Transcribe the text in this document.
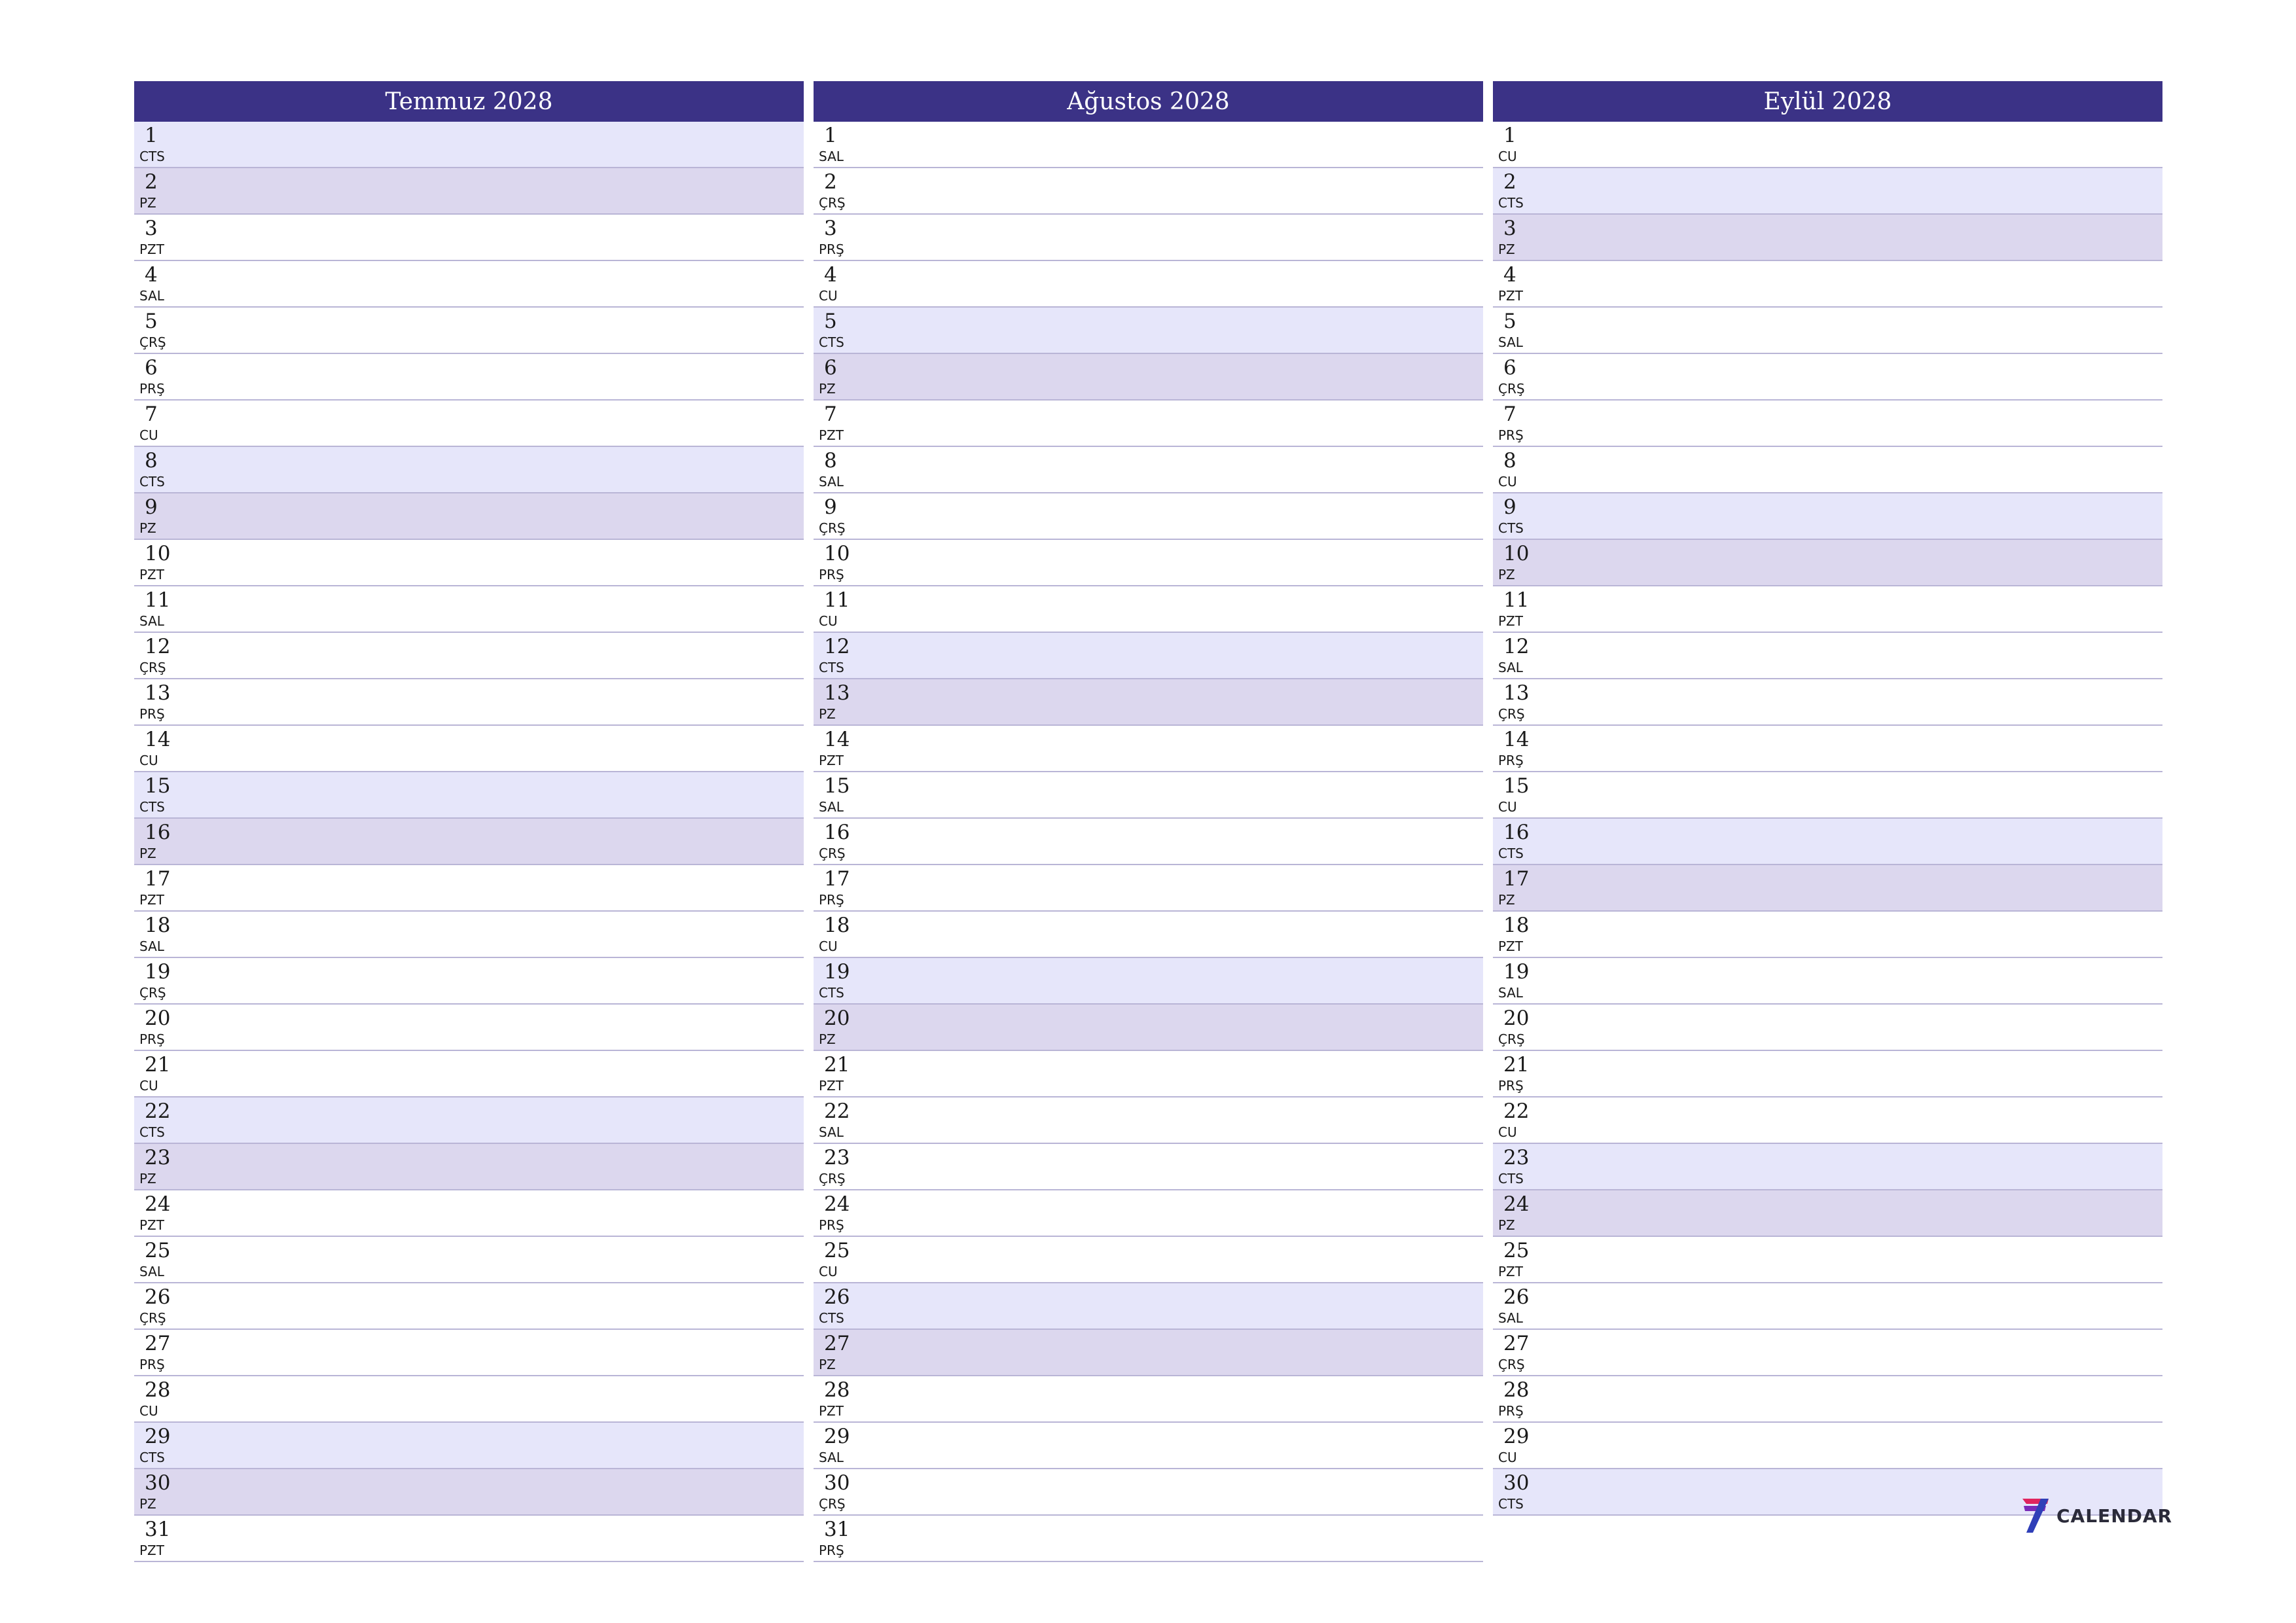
Temmuz 2028
1
CTS
2
PZ
3
PZT
4
SAL
5
ÇRŞ
6
PRŞ
7
CU
8
CTS
9
PZ
10
PZT
11
SAL
12
ÇRŞ
13
PRŞ
14
CU
15
CTS
16
PZ
17
PZT
18
SAL
19
ÇRŞ
20
PRŞ
21
CU
22
CTS
23
PZ
24
PZT
25
SAL
26
ÇRŞ
27
PRŞ
28
CU
29
CTS
30
PZ
31
PZT
Ağustos 2028
1
SAL
2
ÇRŞ
3
PRŞ
4
CU
5
CTS
6
PZ
7
PZT
8
SAL
9
ÇRŞ
10
PRŞ
11
CU
12
CTS
13
PZ
14
PZT
15
SAL
16
ÇRŞ
17
PRŞ
18
CU
19
CTS
20
PZ
21
PZT
22
SAL
23
ÇRŞ
24
PRŞ
25
CU
26
CTS
27
PZ
28
PZT
29
SAL
30
ÇRŞ
31
PRŞ
Eylül 2028
1
CU
2
CTS
3
PZ
4
PZT
5
SAL
6
ÇRŞ
7
PRŞ
8
CU
9
CTS
10
PZ
11
PZT
12
SAL
13
ÇRŞ
14
PRŞ
15
CU
16
CTS
17
PZ
18
PZT
19
SAL
20
ÇRŞ
21
PRŞ
22
CU
23
CTS
24
PZ
25
PZT
26
SAL
27
ÇRŞ
28
PRŞ
29
CU
30
CTS
CALENDAR
